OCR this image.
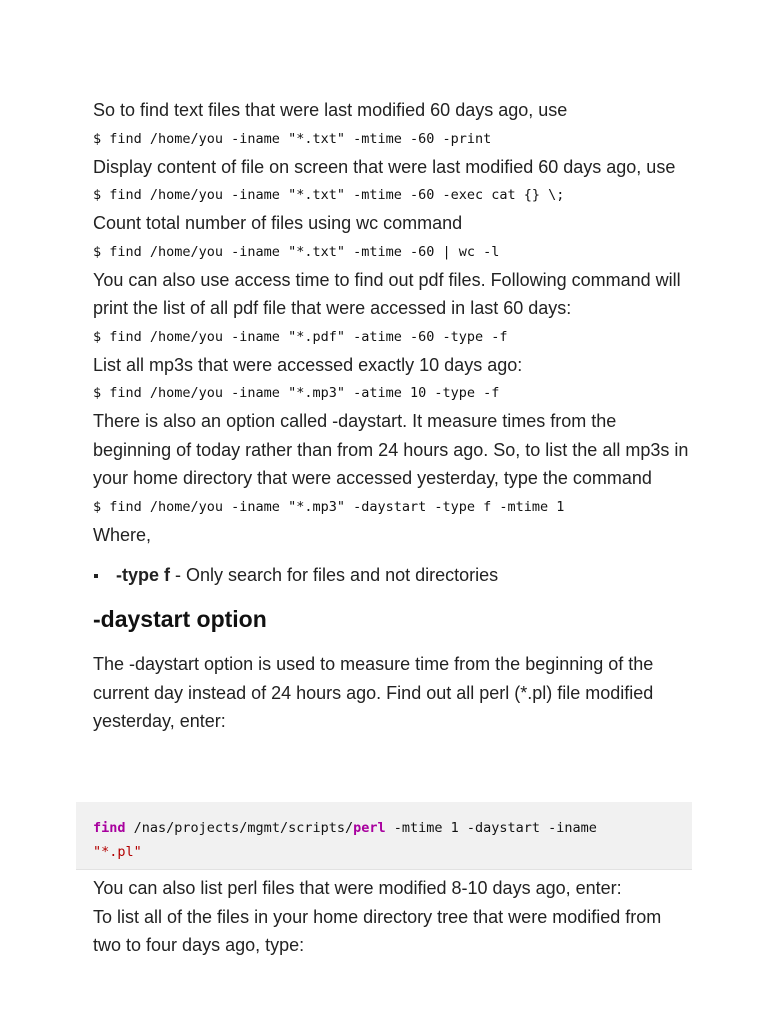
So to find text files that were last modified 60 days ago, use

$ find /home/you -iname "*.txt" -mtime -60 -print

Display content of file on screen that were last modified 60 days ago, use

$ find /home/you -iname "*.txt" -mtime -60 -exec cat {} \;

Count total number of files using wc command

$ find /home/you -iname "*.txt" -mtime -60 | wc -l

You can also use access time to find out pdf files. Following command will print the list of all pdf file that were accessed in last 60 days:

$ find /home/you -iname "*.pdf" -atime -60 -type -f

List all mp3s that were accessed exactly 10 days ago:

$ find /home/you -iname "*.mp3" -atime 10 -type -f

There is also an option called -daystart. It measure times from the beginning of today rather than from 24 hours ago. So, to list the all mp3s in your home directory that were accessed yesterday, type the command

$ find /home/you -iname "*.mp3" -daystart -type f -mtime 1

Where,

-type f - Only search for files and not directories
-daystart option

The -daystart option is used to measure time from the beginning of the current day instead of 24 hours ago. Find out all perl (*.pl) file modified yesterday, enter:

find /nas/projects/mgmt/scripts/perl -mtime 1 -daystart -iname
"*.pl"

You can also list perl files that were modified 8-10 days ago, enter:

To list all of the files in your home directory tree that were modified from two to four days ago, type:
